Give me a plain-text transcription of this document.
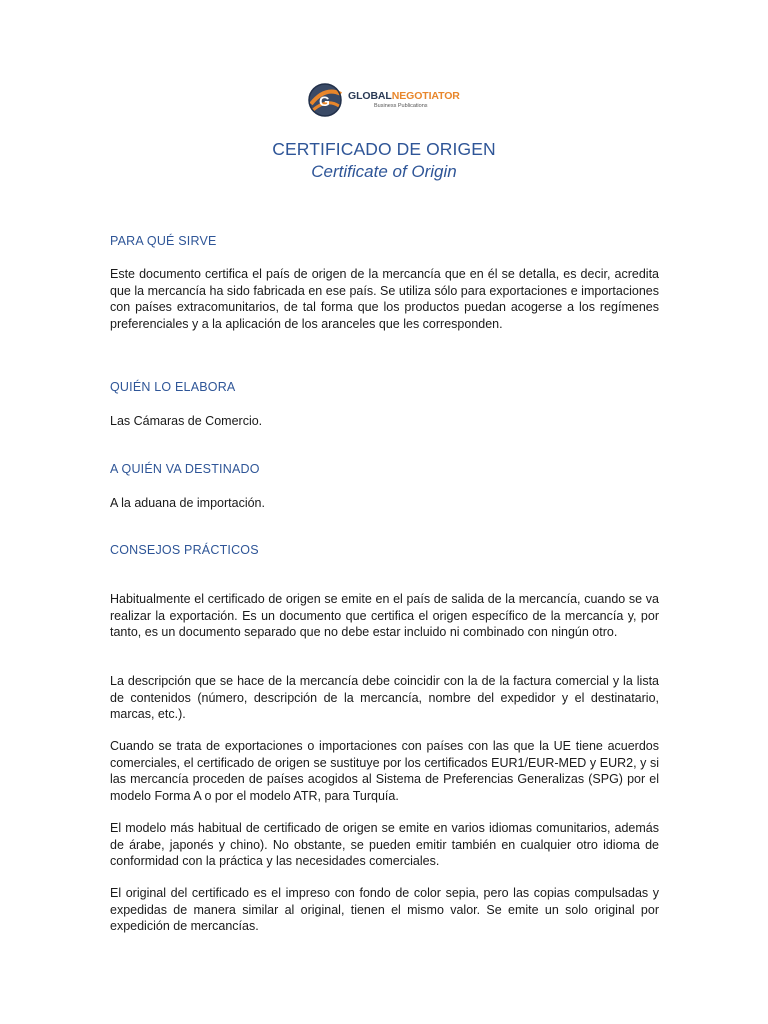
G GLOBALNEGOTIATOR
Business Publications
CERTIFICADO DE ORIGEN
Certificate of Origin
PARA QUÉ SIRVE

Este documento certifica el país de origen de la mercancía que en él se detalla, es decir, acredita que la mercancía ha sido fabricada en ese país. Se utiliza sólo para exportaciones e importaciones con países extracomunitarios, de tal forma que los productos puedan acogerse a los regímenes preferenciales y a la aplicación de los aranceles que les corresponden.

QUIÉN LO ELABORA

Las Cámaras de Comercio.

A QUIÉN VA DESTINADO

A la aduana de importación.

CONSEJOS PRÁCTICOS

Habitualmente el certificado de origen se emite en el país de salida de la mercancía, cuando se va realizar la exportación. Es un documento que certifica el origen específico de la mercancía y, por tanto, es un documento separado que no debe estar incluido ni combinado con ningún otro.

La descripción que se hace de la mercancía debe coincidir con la de la factura comercial y la lista de contenidos (número, descripción de la mercancía, nombre del expedidor y el destinatario, marcas, etc.).

Cuando se trata de exportaciones o importaciones con países con las que la UE tiene acuerdos comerciales, el certificado de origen se sustituye por los certificados EUR1/EUR-MED y EUR2, y si las mercancía proceden de países acogidos al Sistema de Preferencias Generalizas (SPG) por el modelo Forma A o por el modelo ATR, para Turquía.

El modelo más habitual de certificado de origen se emite en varios idiomas comunitarios, además de árabe, japonés y chino). No obstante, se pueden emitir también en cualquier otro idioma de conformidad con la práctica y las necesidades comerciales.

El original del certificado es el impreso con fondo de color sepia, pero las copias compulsadas y expedidas de manera similar al original, tienen el mismo valor. Se emite un solo original por expedición de mercancías.
